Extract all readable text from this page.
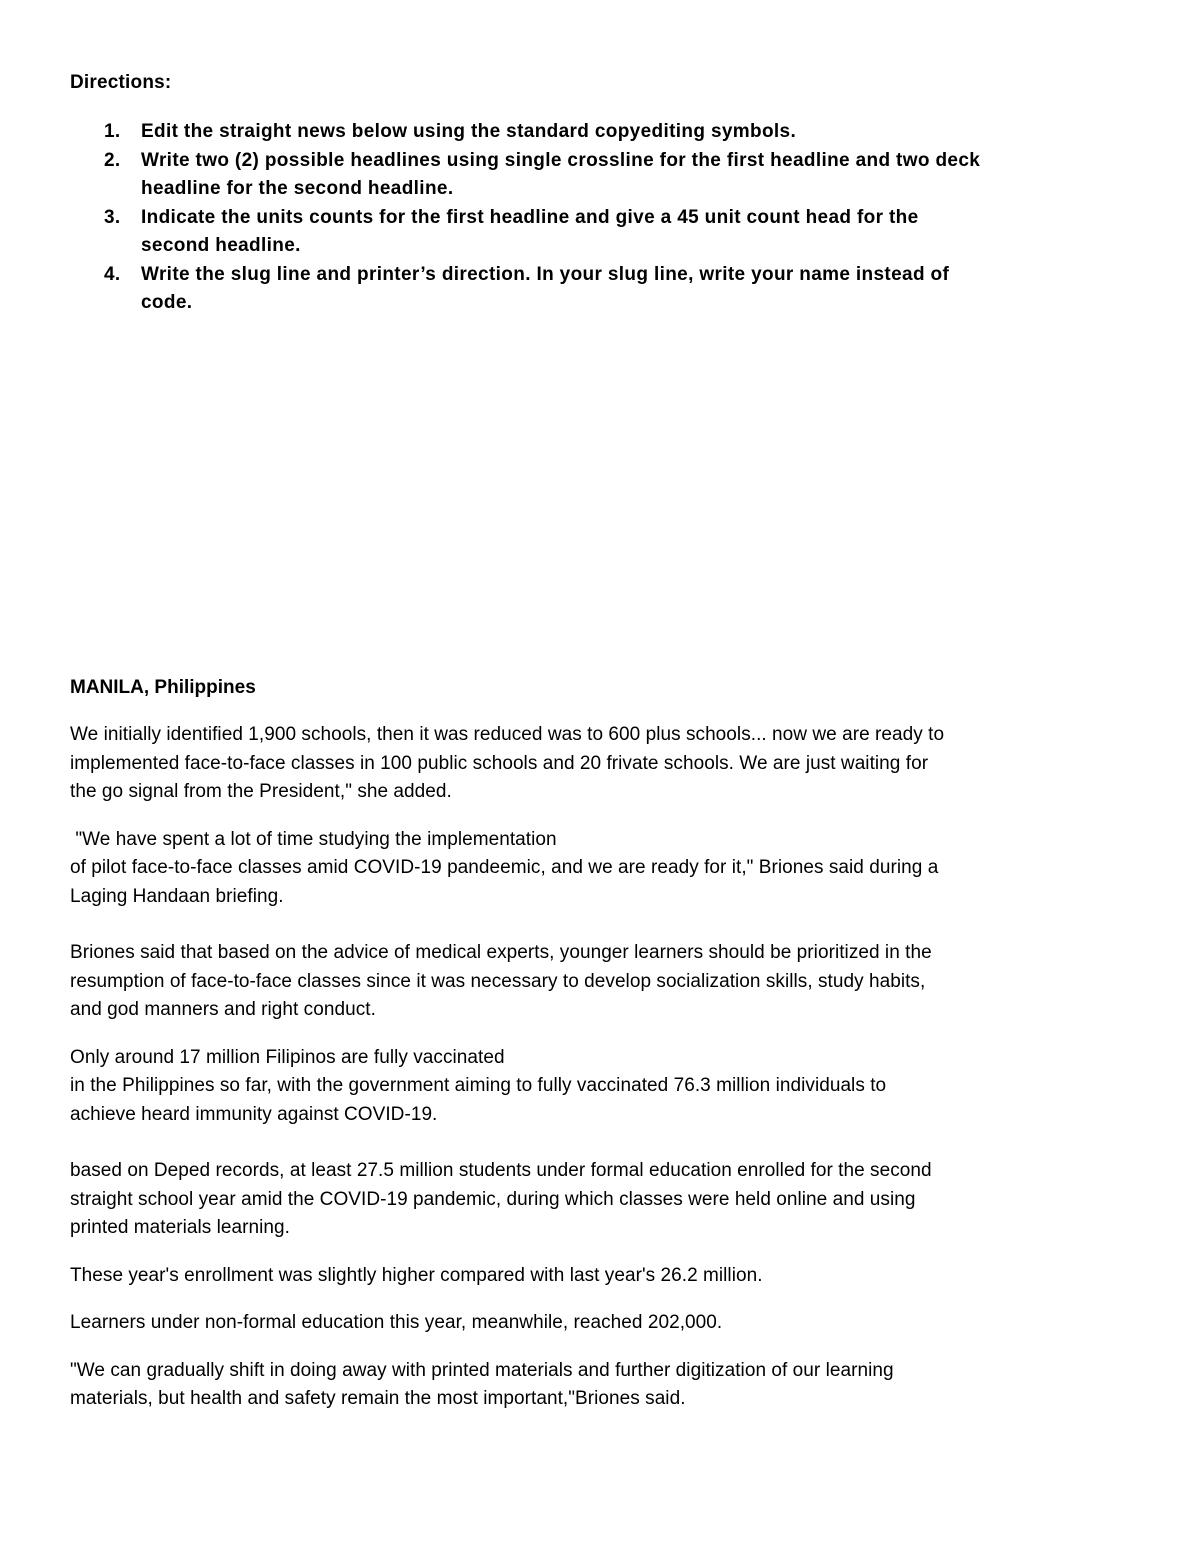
Directions:

1. Edit the straight news below using the standard copyediting symbols.
2. Write two (2) possible headlines using single crossline for the first headline and two deck
headline for the second headline.
3. Indicate the units counts for the first headline and give a 45 unit count head for the
second headline.
4. Write the slug line and printer’s direction. In your slug line, write your name instead of
code.

MANILA, Philippines

We initially identified 1,900 schools, then it was reduced was to 600 plus schools... now we are ready to
implemented face-to-face classes in 100 public schools and 20 frivate schools. We are just waiting for
the go signal from the President," she added.

"We have spent a lot of time studying the implementation
of pilot face-to-face classes amid COVID-19 pandeemic, and we are ready for it," Briones said during a
Laging Handaan briefing.

Briones said that based on the advice of medical experts, younger learners should be prioritized in the
resumption of face-to-face classes since it was necessary to develop socialization skills, study habits,
and god manners and right conduct.

Only around 17 million Filipinos are fully vaccinated
in the Philippines so far, with the government aiming to fully vaccinated 76.3 million individuals to
achieve heard immunity against COVID-19.

based on Deped records, at least 27.5 million students under formal education enrolled for the second
straight school year amid the COVID-19 pandemic, during which classes were held online and using
printed materials learning.

These year's enrollment was slightly higher compared with last year's 26.2 million.

Learners under non-formal education this year, meanwhile, reached 202,000.

"We can gradually shift in doing away with printed materials and further digitization of our learning
materials, but health and safety remain the most important,"Briones said.
